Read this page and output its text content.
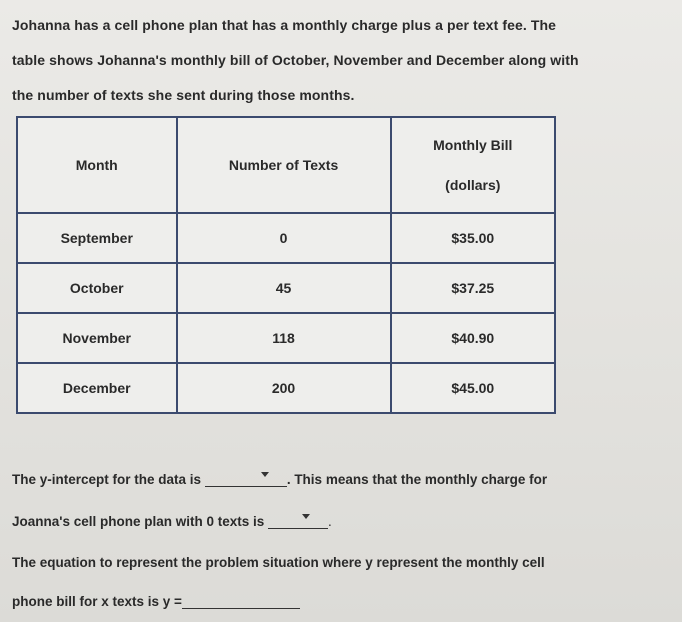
Johanna has a cell phone plan that has a monthly charge plus a per text fee. The

table shows Johanna's monthly bill of October, November and December along with

the number of texts she sent during those months.

Month	Number of Texts	Monthly Bill
(dollars)

September	0	$35.00
October	45	$37.25
November	118	$40.90
December	200	$45.00
The y-intercept for the data is	. This means that the monthly charge for
Joanna's cell phone plan with 0 texts is	.
The equation to represent the problem situation where y represent the monthly cell
phone bill for x texts is y =
